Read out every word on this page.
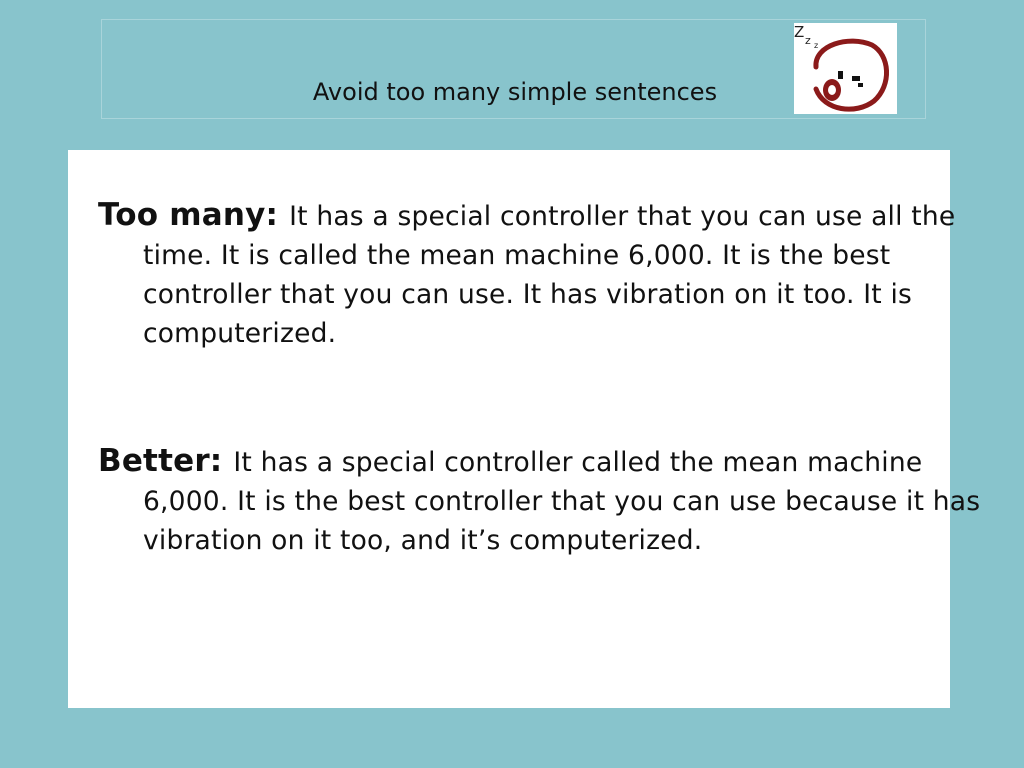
Avoid too many simple sentences
Z z z
Too many: It has a special controller that you can use all the time. It is called the mean machine 6,000. It is the best controller that you can use. It has vibration on it too. It is computerized.
Better: It has a special controller called the mean machine 6,000. It is the best controller that you can use because it has vibration on it too, and it’s computerized.
